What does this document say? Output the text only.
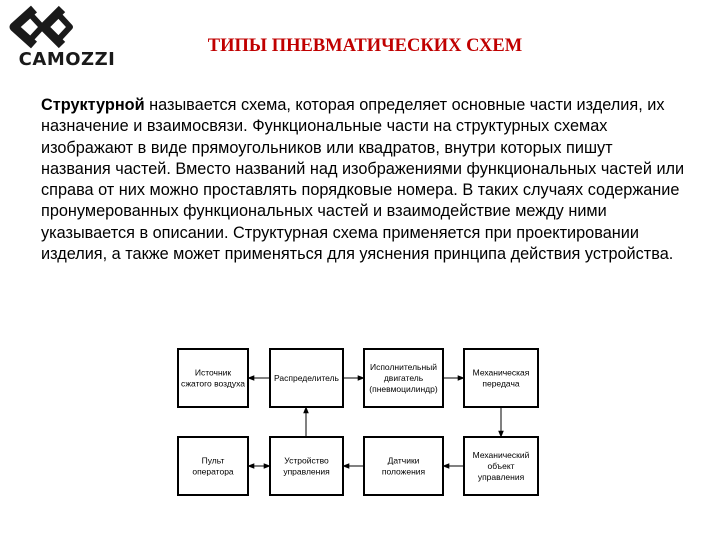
CAMOZZI
ТИПЫ ПНЕВМАТИЧЕСКИХ СХЕМ

Структурной называется схема, которая определяет основные части изделия, их назначение и взаимосвязи. Функциональные части на структурных схемах изображают в виде прямоугольников или квадратов, внутри которых пишут названия частей. Вместо названий над изображениями функциональных частей или справа от них можно проставлять порядковые номера. В таких случаях содержание пронумерованных функциональных частей и взаимодействие между ними указывается в описании. Структурная схема применяется при проектировании изделия, а также может применяться для уяснения принципа действия устройства.

Источник
сжатого воздуха
Распределитель
Исполнительный
двигатель
(пневмоцилиндр)
Механическая
передача
Пульт
оператора
Устройство
управления
Датчики
положения
Механический
объект
управления
